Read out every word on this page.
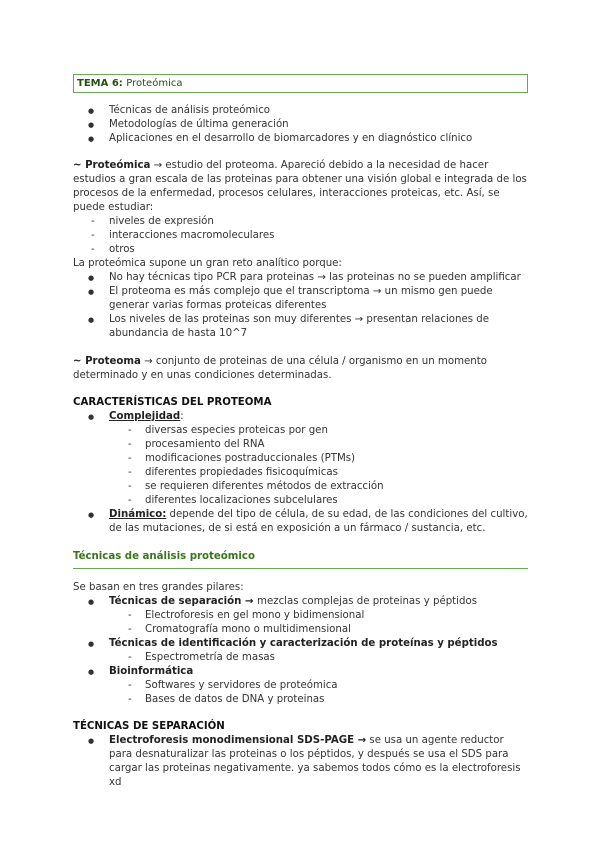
TEMA 6: Proteómica
● Técnicas de análisis proteómico
● Metodologías de última generación
● Aplicaciones en el desarrollo de biomarcadores y en diagnóstico clínico

~ Proteómica → estudio del proteoma. Apareció debido a la necesidad de hacer estudios a gran escala de las proteinas para obtener una visión global e integrada de los procesos de la enfermedad, procesos celulares, interacciones proteicas, etc. Así, se puede estudiar:

- niveles de expresión
- interacciones macromoleculares
- otros

La proteómica supone un gran reto analítico porque:

● No hay técnicas tipo PCR para proteinas → las proteinas no se pueden amplificar
● El proteoma es más complejo que el transcriptoma → un mismo gen puede generar varias formas proteicas diferentes
● Los niveles de las proteinas son muy diferentes → presentan relaciones de abundancia de hasta 10^7

~ Proteoma → conjunto de proteinas de una célula / organismo en un momento determinado y en unas condiciones determinadas.

CARACTERÍSTICAS DEL PROTEOMA

● Complejidad:
- diversas especies proteicas por gen
- procesamiento del RNA
- modificaciones postraduccionales (PTMs)
- diferentes propiedades fisicoquímicas
- se requieren diferentes métodos de extracción
- diferentes localizaciones subcelulares
● Dinámico: depende del tipo de célula, de su edad, de las condiciones del cultivo, de las mutaciones, de si está en exposición a un fármaco / sustancia, etc.

Técnicas de análisis proteómico

Se basan en tres grandes pilares:

● Técnicas de separación → mezclas complejas de proteinas y péptidos
- Electroforesis en gel mono y bidimensional
- Cromatografía mono o multidimensional
● Técnicas de identificación y caracterización de proteínas y péptidos
- Espectrometría de masas
● Bioinformática
- Softwares y servidores de proteómica
- Bases de datos de DNA y proteinas

TÉCNICAS DE SEPARACIÓN

● Electroforesis monodimensional SDS-PAGE → se usa un agente reductor para desnaturalizar las proteinas o los péptidos, y después se usa el SDS para cargar las proteinas negativamente. ya sabemos todos cómo es la electroforesis xd
